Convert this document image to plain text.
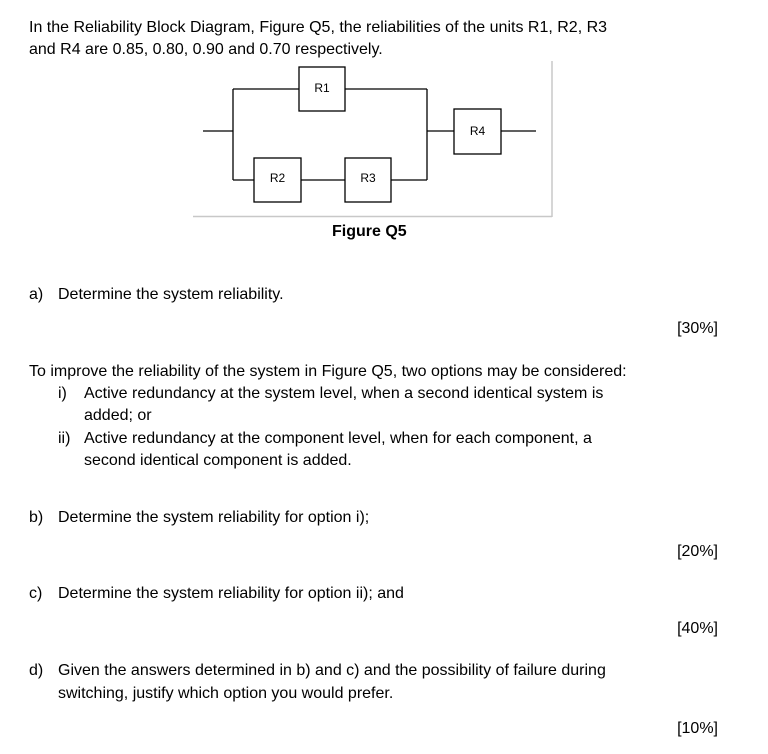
In the Reliability Block Diagram, Figure Q5, the reliabilities of the units R1, R2, R3
and R4 are 0.85, 0.80, 0.90 and 0.70 respectively.
R1
R2	R3
R4
Figure Q5
a) Determine the system reliability.
[30%]
To improve the reliability of the system in Figure Q5, two options may be considered:
i) Active redundancy at the system level, when a second identical system is
added; or
ii) Active redundancy at the component level, when for each component, a
second identical component is added.
b) Determine the system reliability for option i);
[20%]
c) Determine the system reliability for option ii); and
[40%]
d) Given the answers determined in b) and c) and the possibility of failure during
switching, justify which option you would prefer.
[10%]
